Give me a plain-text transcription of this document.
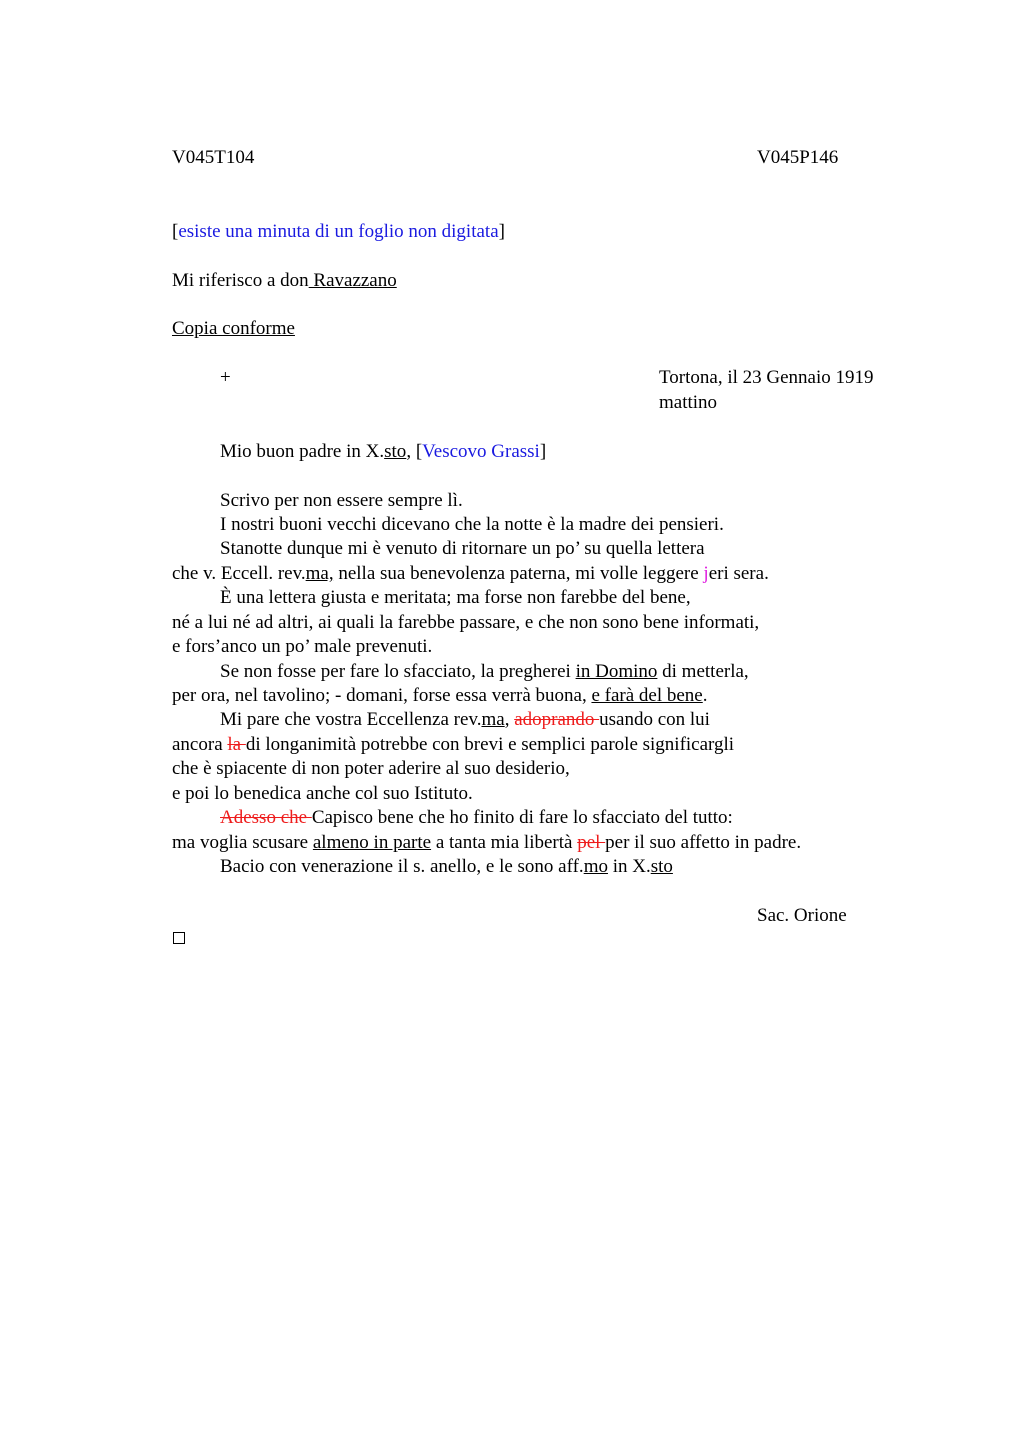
V045T104	V045P146
[esiste una minuta di un foglio non digitata]
Mi riferisco a don Ravazzano
Copia conforme
+	Tortona, il 23 Gennaio 1919
mattino
Mio buon padre in X.sto, [Vescovo Grassi]
Scrivo per non essere sempre lì.
I nostri buoni vecchi dicevano che la notte è la madre dei pensieri.
Stanotte dunque mi è venuto di ritornare un po’ su quella lettera
che v. Eccell. rev.ma, nella sua benevolenza paterna, mi volle leggere jeri sera.
È una lettera giusta e meritata; ma forse non farebbe del bene,
né a lui né ad altri, ai quali la farebbe passare, e che non sono bene informati,
e fors’anco un po’ male prevenuti.
Se non fosse per fare lo sfacciato, la pregherei in Domino di metterla,
per ora, nel tavolino; - domani, forse essa verrà buona, e farà del bene.
Mi pare che vostra Eccellenza rev.ma, adoprando usando con lui
ancora la di longanimità potrebbe con brevi e semplici parole significargli
che è spiacente di non poter aderire al suo desiderio,
e poi lo benedica anche col suo Istituto.
Adesso che Capisco bene che ho finito di fare lo sfacciato del tutto:
ma voglia scusare almeno in parte a tanta mia libertà pel per il suo affetto in padre.
Bacio con venerazione il s. anello, e le sono aff.mo in X.sto
Sac. Orione
